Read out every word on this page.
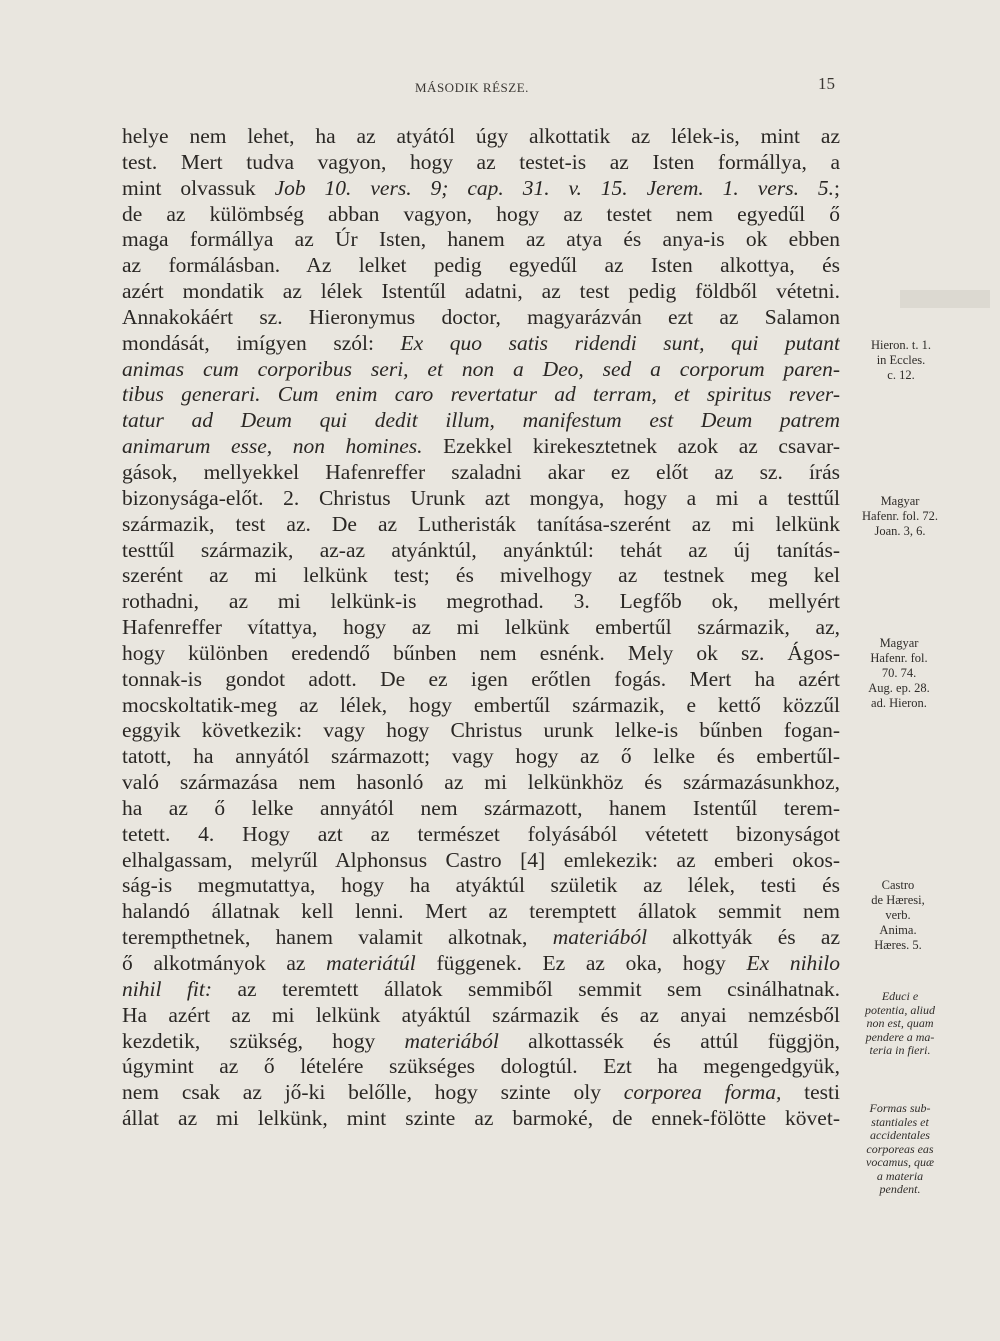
MÁSODIK RÉSZE.	15
helye nem lehet, ha az atyától úgy alkottatik az lélek-is, mint az
test. Mert tudva vagyon, hogy az testet-is az Isten formállya, a
mint olvassuk Job 10. vers. 9; cap. 31. v. 15. Jerem. 1. vers. 5.;
de az külömbség abban vagyon, hogy az testet nem egyedűl ő
maga formállya az Úr Isten, hanem az atya és anya-is ok ebben
az formálásban. Az lelket pedig egyedűl az Isten alkottya, és
azért mondatik az lélek Istentűl adatni, az test pedig földből vétetni.
Annakokáért sz. Hieronymus doctor, magyarázván ezt az Salamon
mondását, imígyen szól: Ex quo satis ridendi sunt, qui putant
animas cum corporibus seri, et non a Deo, sed a corporum paren-
tibus generari. Cum enim caro revertatur ad terram, et spiritus rever-
tatur ad Deum qui dedit illum, manifestum est Deum patrem
animarum esse, non homines. Ezekkel kirekesztetnek azok az csavar-
gások, mellyekkel Hafenreffer szaladni akar ez előt az sz. írás
bizonysága-előt. 2. Christus Urunk azt mongya, hogy a mi a testtűl
származik, test az. De az Lutheristák tanítása-szerént az mi lelkünk
testtűl származik, az-az atyánktúl, anyánktúl: tehát az új tanítás-
szerént az mi lelkünk test; és mivelhogy az testnek meg kel
rothadni, az mi lelkünk-is megrothad. 3. Legfőb ok, mellyért
Hafenreffer vítattya, hogy az mi lelkünk embertűl származik, az,
hogy különben eredendő bűnben nem esnénk. Mely ok sz. Ágos-
tonnak-is gondot adott. De ez igen erőtlen fogás. Mert ha azért
mocskoltatik-meg az lélek, hogy embertűl származik, e kettő közzűl
eggyik következik: vagy hogy Christus urunk lelke-is bűnben fogan-
tatott, ha annyától származott; vagy hogy az ő lelke és embertűl-
való származása nem hasonló az mi lelkünkhöz és származásunkhoz,
ha az ő lelke annyától nem származott, hanem Istentűl terem-
tetett. 4. Hogy azt az természet folyásából vétetett bizonyságot
elhalgassam, melyrűl Alphonsus Castro [4] emlekezik: az emberi okos-
ság-is megmutattya, hogy ha atyáktúl születik az lélek, testi és
halandó állatnak kell lenni. Mert az teremptett állatok semmit nem
terempthetnek, hanem valamit alkotnak, materiából alkottyák és az
ő alkotmányok az materiátúl függenek. Ez az oka, hogy Ex nihilo
nihil fit: az teremtett állatok semmiből semmit sem csinálhatnak.
Ha azért az mi lelkünk atyáktúl származik és az anyai nemzésből
kezdetik, szükség, hogy materiából alkottassék és attúl függjön,
úgymint az ő lételére szükséges dologtúl. Ezt ha megengedgyük,
nem csak az jő-ki belőlle, hogy szinte oly corporea forma, testi
állat az mi lelkünk, mint szinte az barmoké, de ennek-fölötte követ-
Hieron. t. 1.
in Eccles.
c. 12.
Magyar
Hafenr. fol. 72.
Joan. 3, 6.
Magyar
Hafenr. fol.
70. 74.
Aug. ep. 28.
ad. Hieron.
Castro
de Hæresi,
verb.
Anima.
Hæres. 5.
Educi e
potentia, aliud
non est, quam
pendere a ma-
teria in fieri.
Formas sub-
stantiales et
accidentales
corporeas eas
vocamus, quæ
a materia
pendent.
